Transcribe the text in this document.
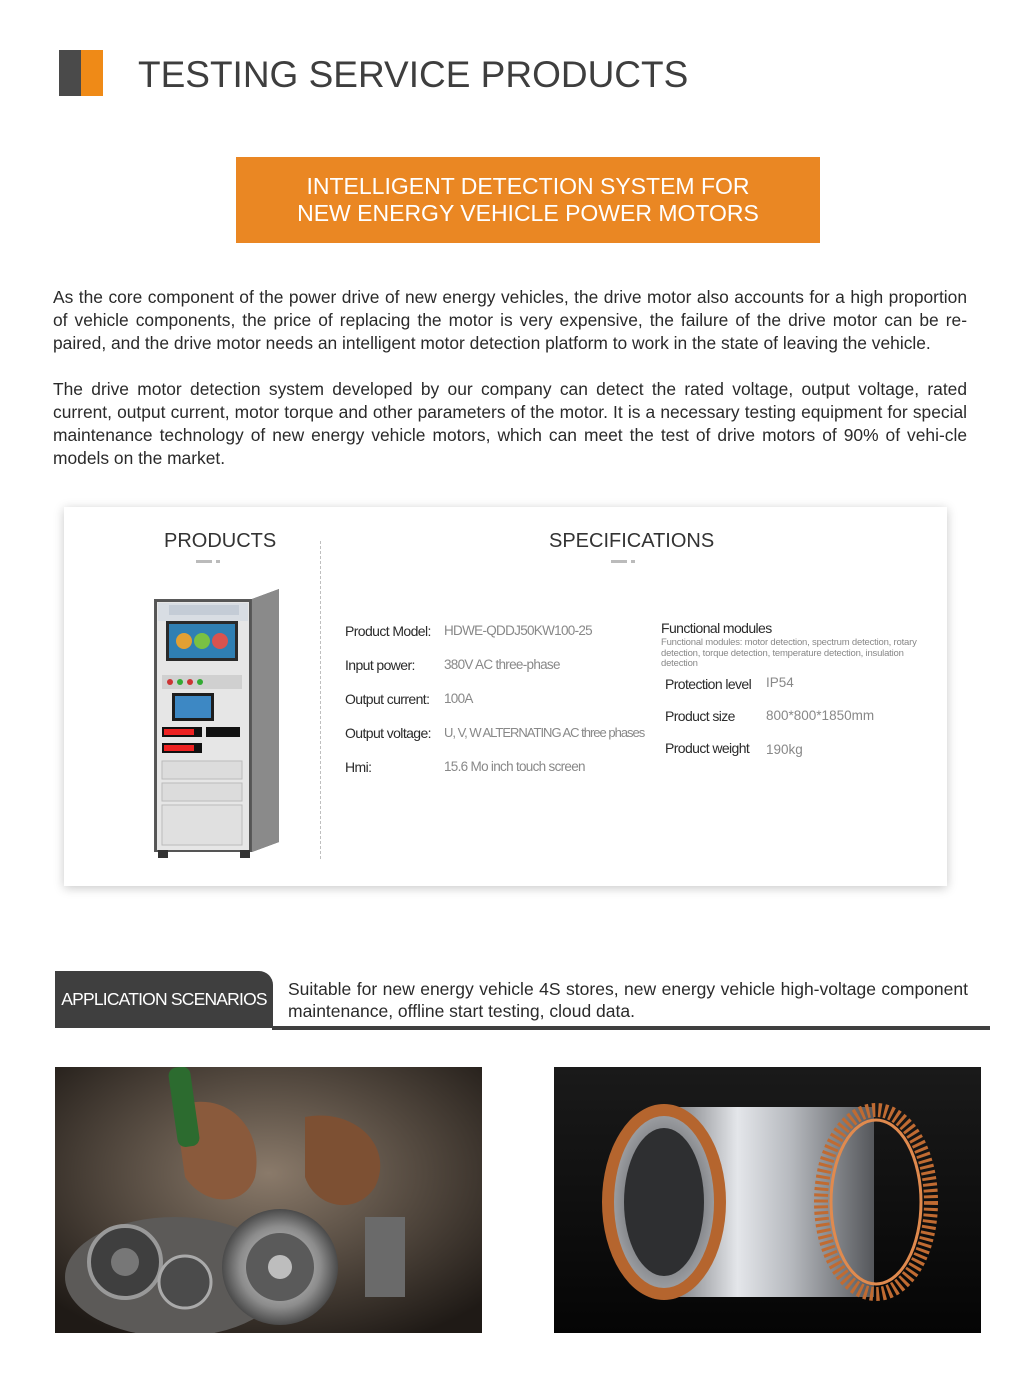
TESTING SERVICE PRODUCTS
INTELLIGENT DETECTION SYSTEM FOR
NEW ENERGY VEHICLE POWER MOTORS

As the core component of the power drive of new energy vehicles, the drive motor also accounts for a high proportion of vehicle components, the price of replacing the motor is very expensive, the failure of the drive motor can be re-paired, and the drive motor needs an intelligent motor detection platform to work in the state of leaving the vehicle.

The drive motor detection system developed by our company can detect the rated voltage, output voltage, rated current, output current, motor torque and other parameters of the motor. It is a necessary testing equipment for special maintenance technology of new energy vehicle motors, which can meet the test of drive motors of 90% of vehi-cle models on the market.

PRODUCTS	SPECIFICATIONS
Product Model: HDWE-QDDJ50KW100-25
Input power: 380V AC three-phase
Output current: 100A
Output voltage: U, V, W ALTERNATING AC three phases
Hmi:	15.6 Mo inch touch screen
Functional modules
Functional modules: motor detection, spectrum detection, rotary detection, torque detection, temperature detection, insulation detection
Protection level IP54
Product size 800*800*1850mm
Product weight 190kg
APPLICATION SCENARIOS	Suitable for new energy vehicle 4S stores, new energy vehicle high-voltage component maintenance, offline start testing, cloud data.
